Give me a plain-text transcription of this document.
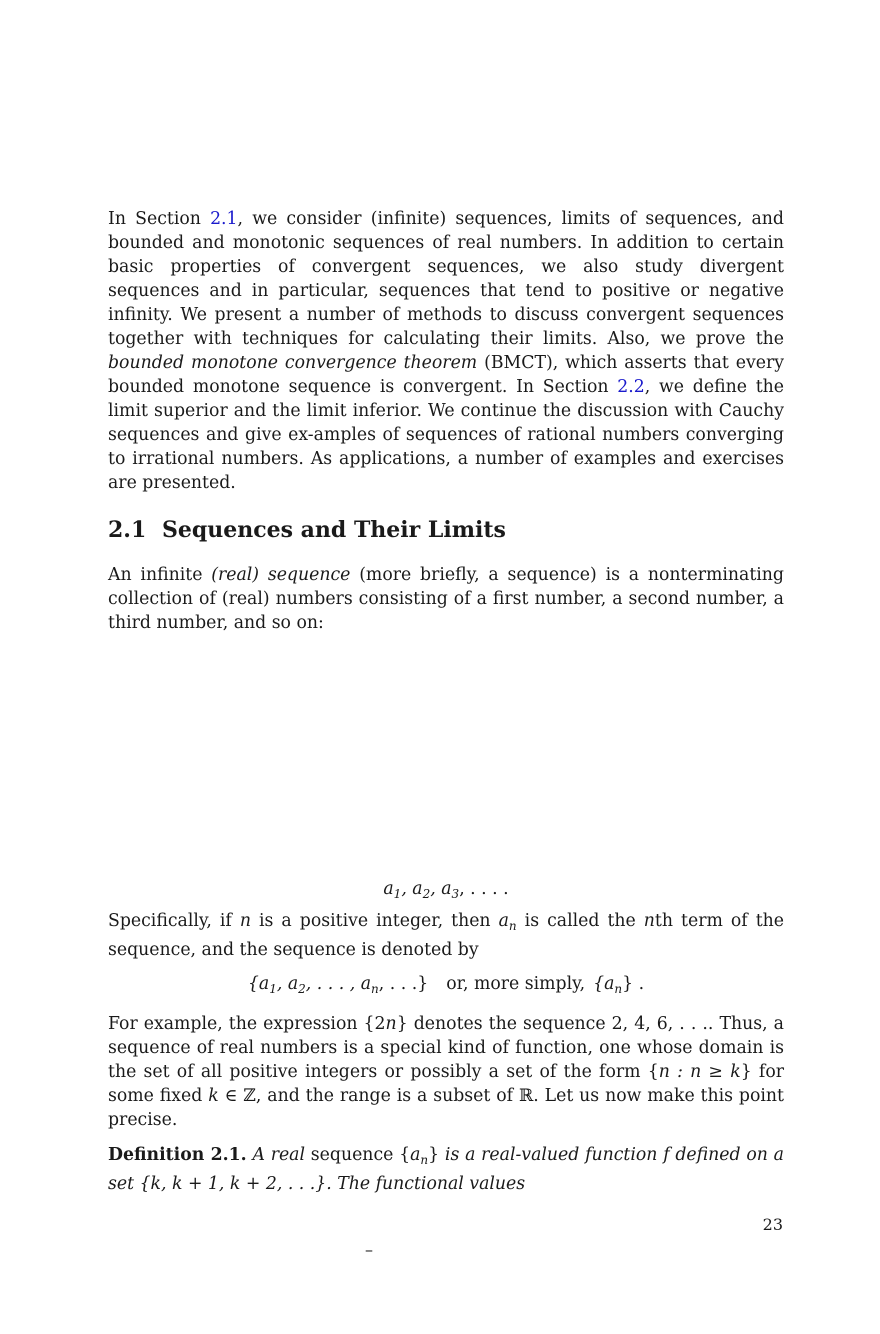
In Section 2.1, we consider (infinite) sequences, limits of sequences, and bounded and monotonic sequences of real numbers. In addition to certain basic properties of convergent sequences, we also study divergent sequences and in particular, sequences that tend to positive or negative infinity. We present a number of methods to discuss convergent sequences together with techniques for calculating their limits. Also, we prove the bounded monotone convergence theorem (BMCT), which asserts that every bounded monotone sequence is convergent. In Section 2.2, we define the limit superior and the limit inferior. We continue the discussion with Cauchy sequences and give ex-amples of sequences of rational numbers converging to irrational numbers. As applications, a number of examples and exercises are presented.

2.1 Sequences and Their Limits

An infinite (real) sequence (more briefly, a sequence) is a nonterminating collection of (real) numbers consisting of a first number, a second number, a third number, and so on:

$a_1$, $a_2$, $a_3$, . . . .

Specifically, if n is a positive integer, then $a_n$ is called the nth term of the sequence, and the sequence is denoted by

{$a_1$, $a_2$, . . . , $a_n$, . . .} or, more simply, $\{a_n\}$ .

For example, the expression {2n} denotes the sequence 2, 4, 6, . . .. Thus, a sequence of real numbers is a special kind of function, one whose domain is the set of all positive integers or possibly a set of the form {n : n ≥ k} for some fixed k ∈ ℤ, and the range is a subset of ℝ. Let us now make this point precise.

Definition 2.1. A real sequence $\{a_n\}$ is a real-valued function f defined on a set {k, k + 1, k + 2, . . .}. The functional values

23
–
